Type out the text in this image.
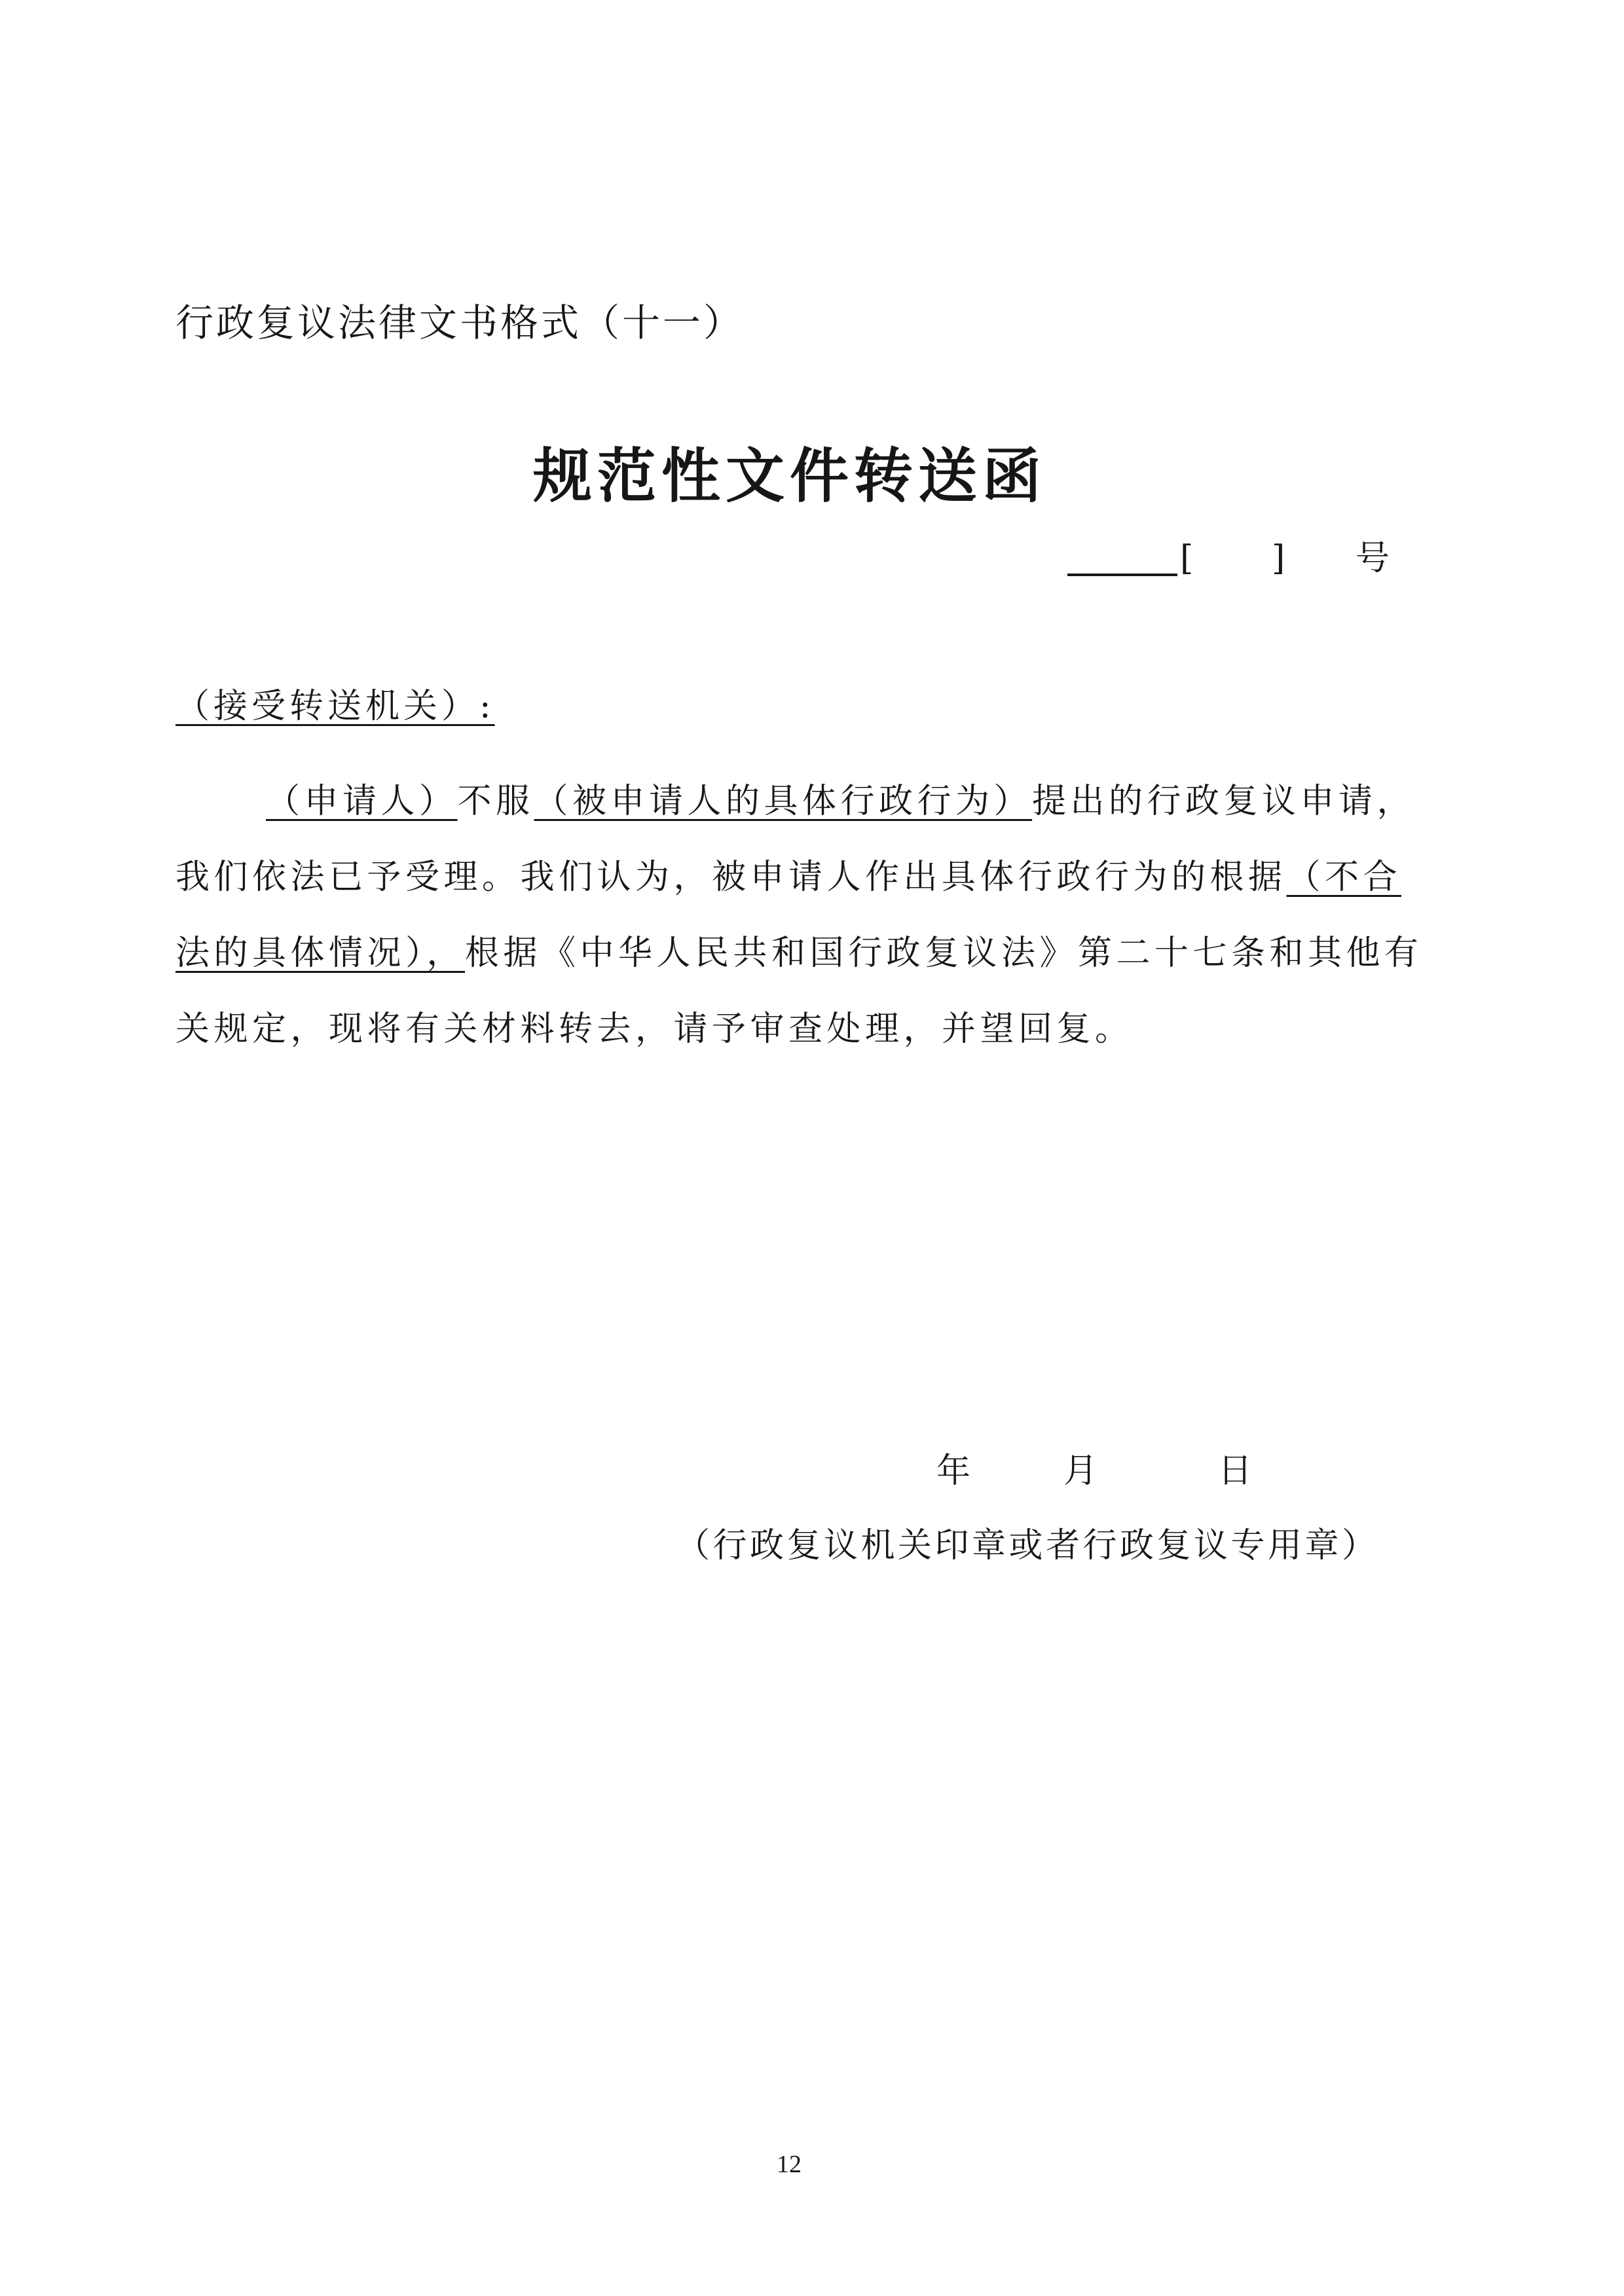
行政复议法律文书格式（十一）
规范性文件转送函
[ ] 号
（接受转送机关）:
（申请人）不服（被申请人的具体行政行为）提出的行政复议申请，
我们依法已予受理。我们认为，被申请人作出具体行政行为的根据（不合
法的具体情况），根据《中华人民共和国行政复议法》第二十七条和其他有
关规定，现将有关材料转去，请予审查处理，并望回复。
年	月	日
（行政复议机关印章或者行政复议专用章）
12
